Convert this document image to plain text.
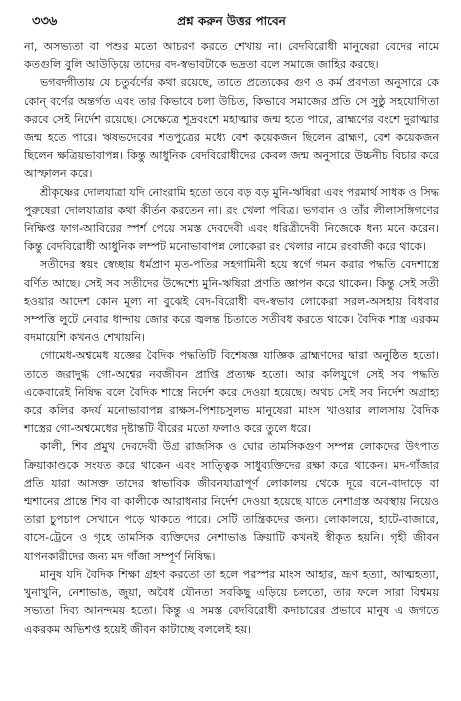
৩৩৬	প্রশ্ন করুন উত্তর পাবেন

না, অসভ্যতা বা পশুর মতো আচরণ করতে শেখায় না। বেদবিরোধী মানুষেরা বেদের নামে কতগুলি বুলি আউড়িয়ে তাদের বদ-স্বভাবটাকে ভদ্রতা বলে সমাজে জাহির করছে।

ভগবদ্গীতায় যে চতুর্বর্ণের কথা রয়েছে, তাতে প্রত্যেকের গুণ ও কর্ম প্রবণতা অনুসারে কে কোন্ বর্ণের অন্তর্গত এবং তার কিভাবে চলা উচিত, কিভাবে সমাজের প্রতি সে সুষ্ঠু সহযোগিতা করবে সেই নির্দেশ রয়েছে। সেক্ষেত্রে শূদ্রবংশে মহাত্মার জন্ম হতে পারে, ব্রাহ্মণের বংশে দুরাত্মার জন্ম হতে পারে। ঋষভদেবের শতপুত্রের মধ্যে বেশ কয়েকজন ছিলেন ব্রাহ্মণ, বেশ কয়েকজন ছিলেন ক্ষত্রিয়ভাবাপন্ন। কিন্তু আধুনিক বেদবিরোধীদের কেবল জন্ম অনুসারে উচ্চনীচ বিচার করে আস্ফালন করে।

শ্রীকৃষ্ণের দোলযাত্রা যদি নোংরামি হতো তবে বড় বড় মুনি-ঋষিরা এবং পরমার্থ সাধক ও সিদ্ধ পুরুষেরা দোলযাত্রার কথা কীর্তন করতেন না। রং খেলা পবিত্র। ভগবান ও তাঁর লীলাসঙ্গিগণের নিক্ষিপ্ত ফাগ-আবিরের স্পর্শ পেয়ে সমস্ত দেবদেবী এবং ধরিত্রীদেবী নিজেকে ধন্য মনে করেন। কিন্তু বেদবিরোধী আধুনিক লম্পট মনোভাবাপন্ন লোকেরা রং খেলার নামে রংবাজী করে থাকে।

সতীদের স্বয়ং স্বেচ্ছায় ধর্মপ্রাণ মৃত-পতির সহগামিনী হয়ে স্বর্গে গমন করার পদ্ধতি বেদশাস্ত্রে বর্ণিত আছে। সেই সব সতীদের উদ্দেশ্যে মুনি-ঋষিরা প্রণতি জ্ঞাপন করে থাকেন। কিন্তু সেই সতী হওয়ার আদেশ কোন মূল্য না বুঝেই বেদ-বিরোধী বদ-স্বভাব লোকেরা সরল-অসহায় বিধবার সম্পত্তি লুটে নেবার ধান্দায় জোর করে জ্বলন্ত চিতাতে সতীবধ করতে থাকে। বৈদিক শাস্ত্র এরকম বদমায়েশি কখনও শেখায়নি।

গোমেধ-অশ্বমেধ যজ্ঞের বৈদিক পদ্ধতিটি বিশেষজ্ঞ যাজ্ঞিক ব্রাহ্মণদের দ্বারা অনুষ্ঠিত হতো। তাতে জরাদুগ্ধ গো-অশ্বের নবজীবন প্রাপ্তি প্রত্যক্ষ হতো। আর কলিযুগে সেই সব পদ্ধতি একেবারেই নিষিদ্ধ বলে বৈদিক শাস্ত্রে নির্দেশ করে দেওয়া হয়েছে। অথচ সেই সব নির্দেশ অগ্রাহ্য করে কলির কদর্য মনোভাবাপন্ন রাক্ষস-পিশাচসুলভ মানুষেরা মাংস খাওয়ার লালসায় বৈদিক শাস্ত্রের গো-অশ্বমেধের দৃষ্টান্তটি বীরের মতো ফলাও করে তুলে ধরে।

কালী, শিব প্রমুখ দেবদেবী উগ্র রাজসিক ও ঘোর তামসিকগুণ সম্পন্ন লোকদের উৎপাত ক্রিয়াকাণ্ডকে সংযত করে থাকেন এবং সাত্ত্বিক সাধুব্যক্তিদের রক্ষা করে থাকেন। মদ-গাঁজার প্রতি যারা আসক্ত তাদের স্বাভাবিক জীবনযাত্রাপূর্ণ লোকালয় থেকে দূরে বনে-বাদাড়ে বা শ্মশানের প্রান্তে শিব বা কালীকে আরাধনার নির্দেশ দেওয়া হয়েছে যাতে নেশাগ্রস্ত অবস্থায় নিয়েও তারা চুপচাপ সেখানে পড়ে থাকতে পারে। সেটি তান্ত্রিকদের জন্য। লোকালয়ে, হাটে-বাজারে, বাসে-ট্রেনে ও গৃহে তামসিক ব্যক্তিদের নেশাভাঙ ক্রিয়াটি কখনই স্বীকৃত হয়নি। গৃহী জীবন যাপনকারীদের জন্য মদ গাঁজা সম্পূর্ণ নিষিদ্ধ।

মানুষ যদি বৈদিক শিক্ষা গ্রহণ করতো তা হলে পরস্পর মাংস আহার, ভ্রূণ হত্যা, আত্মহত্যা, খুনাখুনি, নেশাভাঙ, জুয়া, অবৈধ যৌনতা সবকিছু এড়িয়ে চলতো, তার ফলে সারা বিশ্বময় সভ্যতা দিব্য আনন্দময় হতো। কিন্তু এ সমস্ত বেদবিরোধী কদাচারের প্রভাবে মানুষ এ জগতে একরকম অভিশপ্ত হয়েই জীবন কাটাচ্ছে বললেই হয়।
